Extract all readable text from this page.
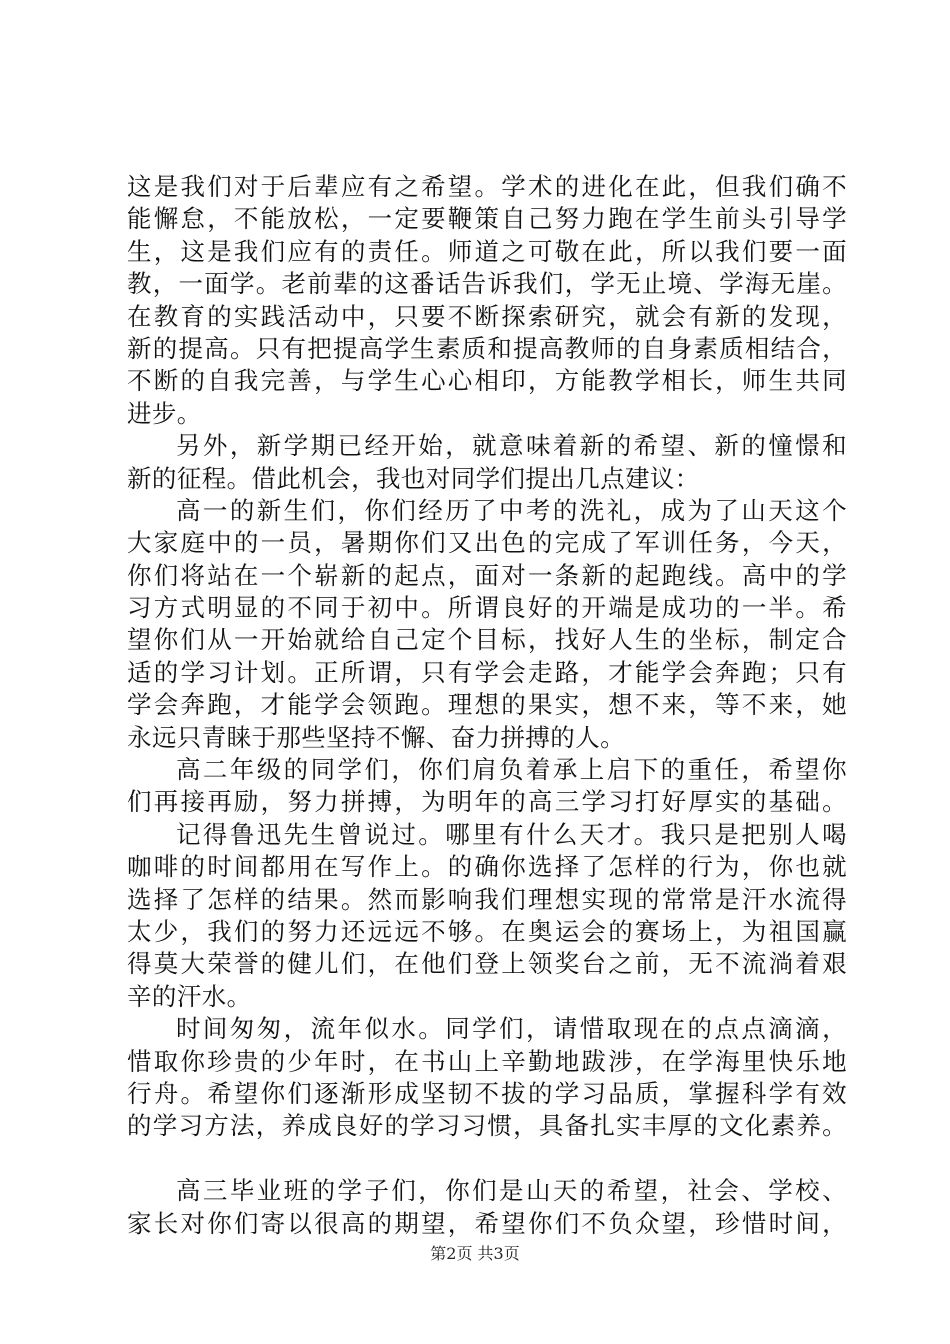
这是我们对于后辈应有之希望。学术的进化在此，但我们确不
能懈怠，不能放松，一定要鞭策自己努力跑在学生前头引导学
生，这是我们应有的责任。师道之可敬在此，所以我们要一面
教，一面学。老前辈的这番话告诉我们，学无止境、学海无崖。
在教育的实践活动中，只要不断探索研究，就会有新的发现，
新的提高。只有把提高学生素质和提高教师的自身素质相结合，
不断的自我完善，与学生心心相印，方能教学相长，师生共同
进步。
另外，新学期已经开始，就意味着新的希望、新的憧憬和
新的征程。借此机会，我也对同学们提出几点建议：
高一的新生们，你们经历了中考的洗礼，成为了山天这个
大家庭中的一员，暑期你们又出色的完成了军训任务，今天，
你们将站在一个崭新的起点，面对一条新的起跑线。高中的学
习方式明显的不同于初中。所谓良好的开端是成功的一半。希
望你们从一开始就给自己定个目标，找好人生的坐标，制定合
适的学习计划。正所谓，只有学会走路，才能学会奔跑；只有
学会奔跑，才能学会领跑。理想的果实，想不来，等不来，她
永远只青睐于那些坚持不懈、奋力拼搏的人。
高二年级的同学们，你们肩负着承上启下的重任，希望你
们再接再励，努力拼搏，为明年的高三学习打好厚实的基础。
记得鲁迅先生曾说过。哪里有什么天才。我只是把别人喝
咖啡的时间都用在写作上。的确你选择了怎样的行为，你也就
选择了怎样的结果。然而影响我们理想实现的常常是汗水流得
太少，我们的努力还远远不够。在奥运会的赛场上，为祖国赢
得莫大荣誉的健儿们，在他们登上领奖台之前，无不流淌着艰
辛的汗水。
时间匆匆，流年似水。同学们，请惜取现在的点点滴滴，
惜取你珍贵的少年时，在书山上辛勤地跋涉，在学海里快乐地
行舟。希望你们逐渐形成坚韧不拔的学习品质，掌握科学有效
的学习方法，养成良好的学习习惯，具备扎实丰厚的文化素养。
高三毕业班的学子们，你们是山天的希望，社会、学校、
家长对你们寄以很高的期望，希望你们不负众望，珍惜时间，
第2页 共3页
